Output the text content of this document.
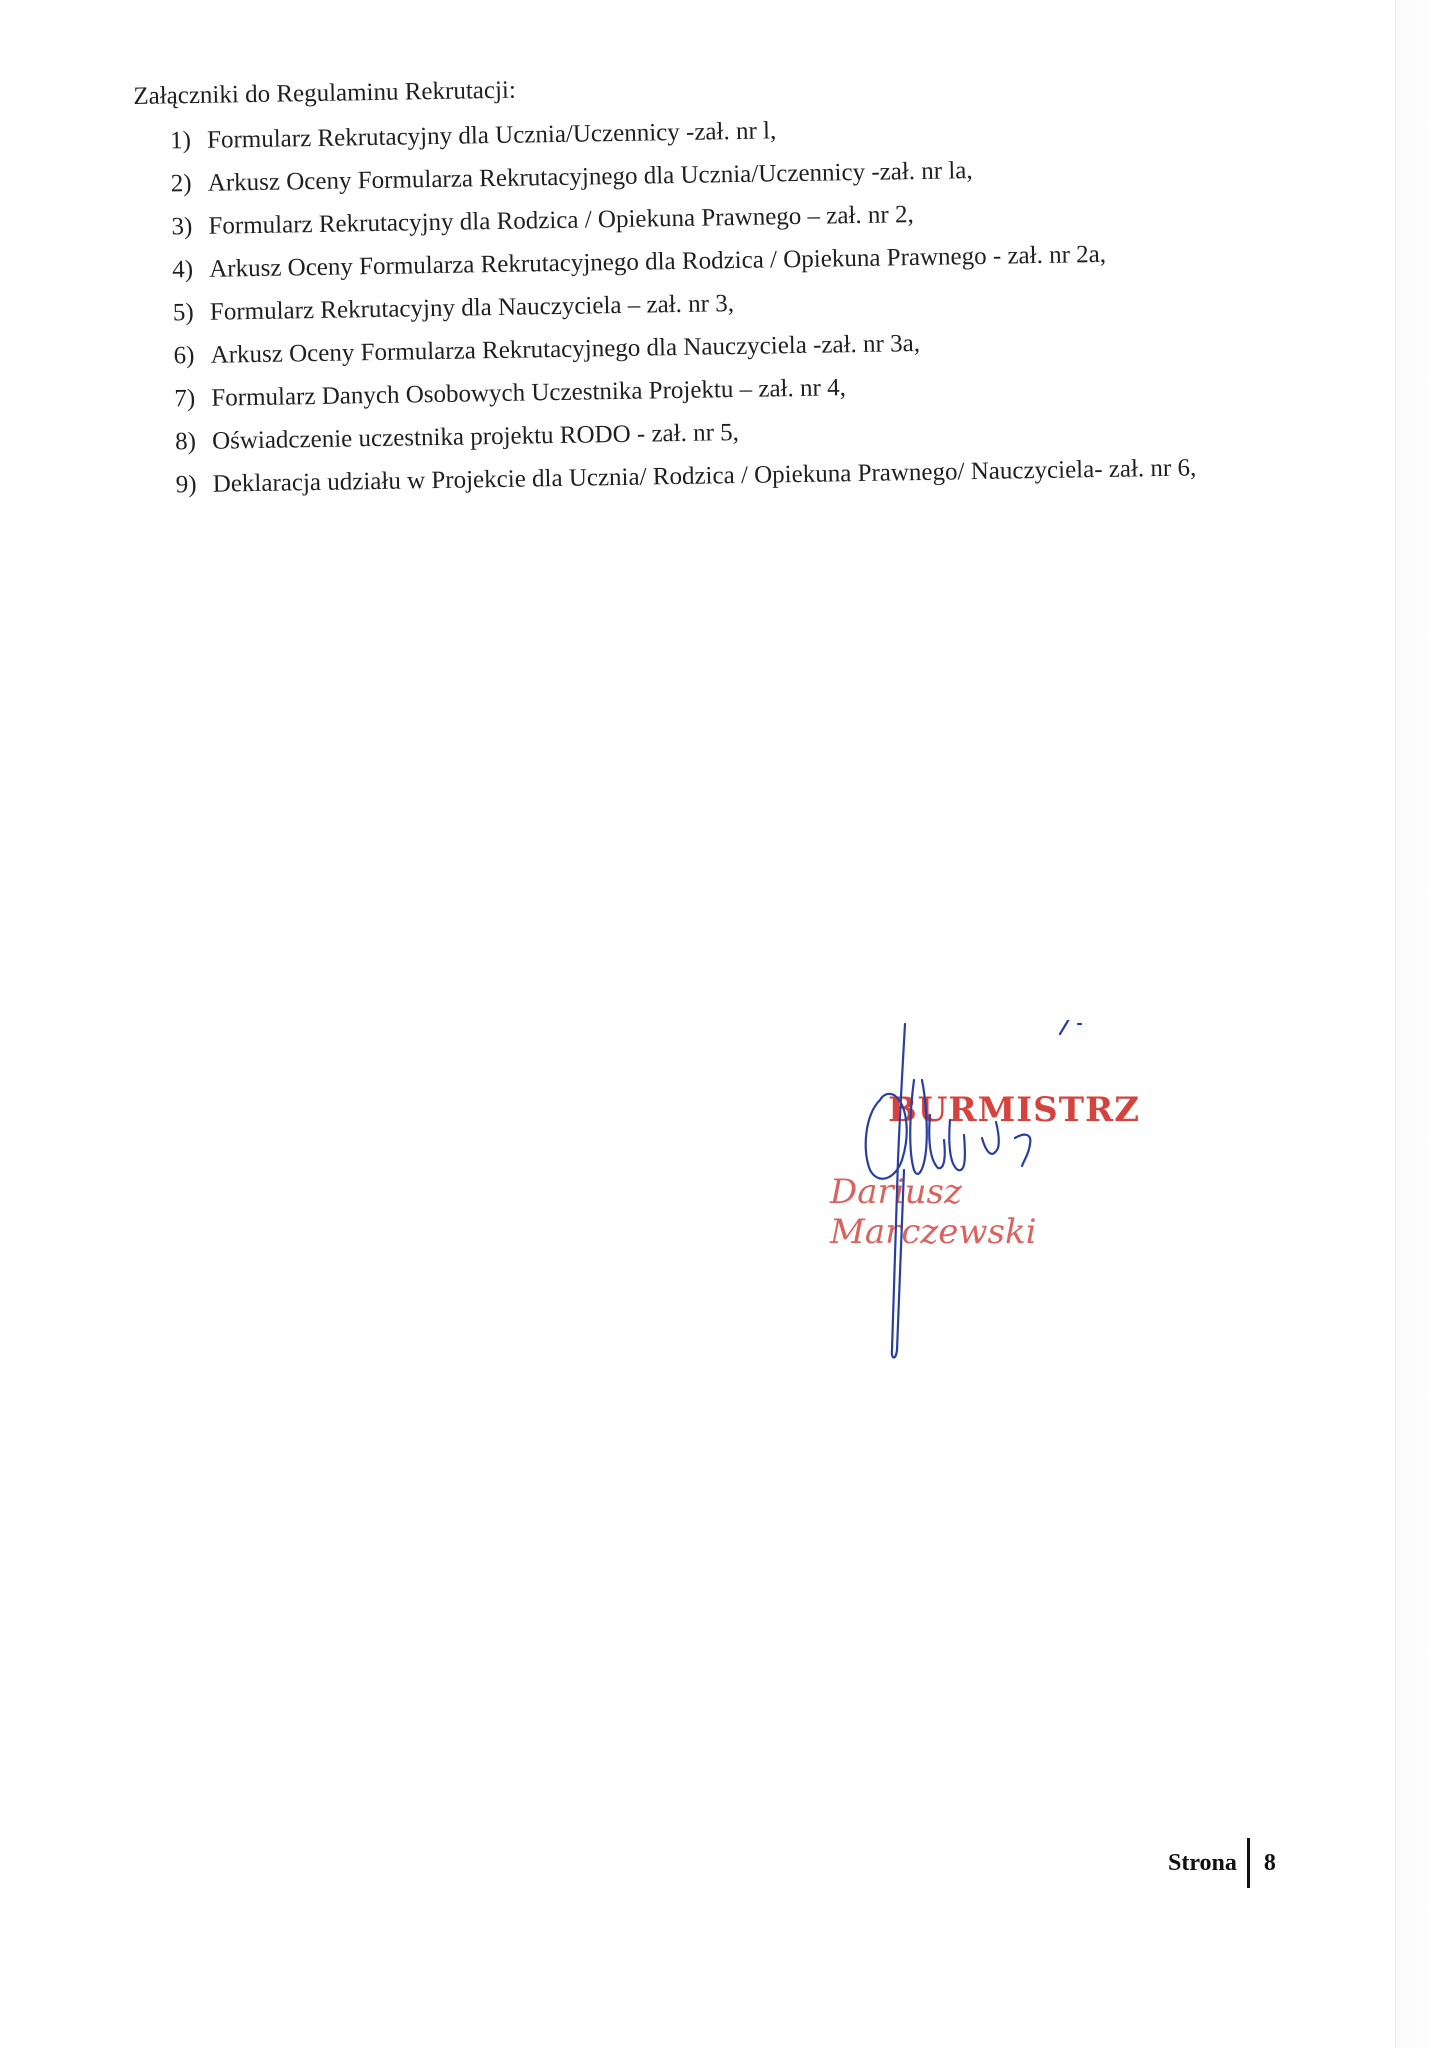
Załączniki do Regulaminu Rekrutacji:
1) Formularz Rekrutacyjny dla Ucznia/Uczennicy -zał. nr l,
2) Arkusz Oceny Formularza Rekrutacyjnego dla Ucznia/Uczennicy -zał. nr la,
3) Formularz Rekrutacyjny dla Rodzica / Opiekuna Prawnego – zał. nr 2,
4) Arkusz Oceny Formularza Rekrutacyjnego dla Rodzica / Opiekuna Prawnego - zał. nr 2a,
5) Formularz Rekrutacyjny dla Nauczyciela – zał. nr 3,
6) Arkusz Oceny Formularza Rekrutacyjnego dla Nauczyciela -zał. nr 3a,
7) Formularz Danych Osobowych Uczestnika Projektu – zał. nr 4,
8) Oświadczenie uczestnika projektu RODO - zał. nr 5,
9) Deklaracja udziału w Projekcie dla Ucznia/ Rodzica / Opiekuna Prawnego/ Nauczyciela- zał. nr 6,
BURMISTRZ
Dariusz Marczewski
Strona 8
